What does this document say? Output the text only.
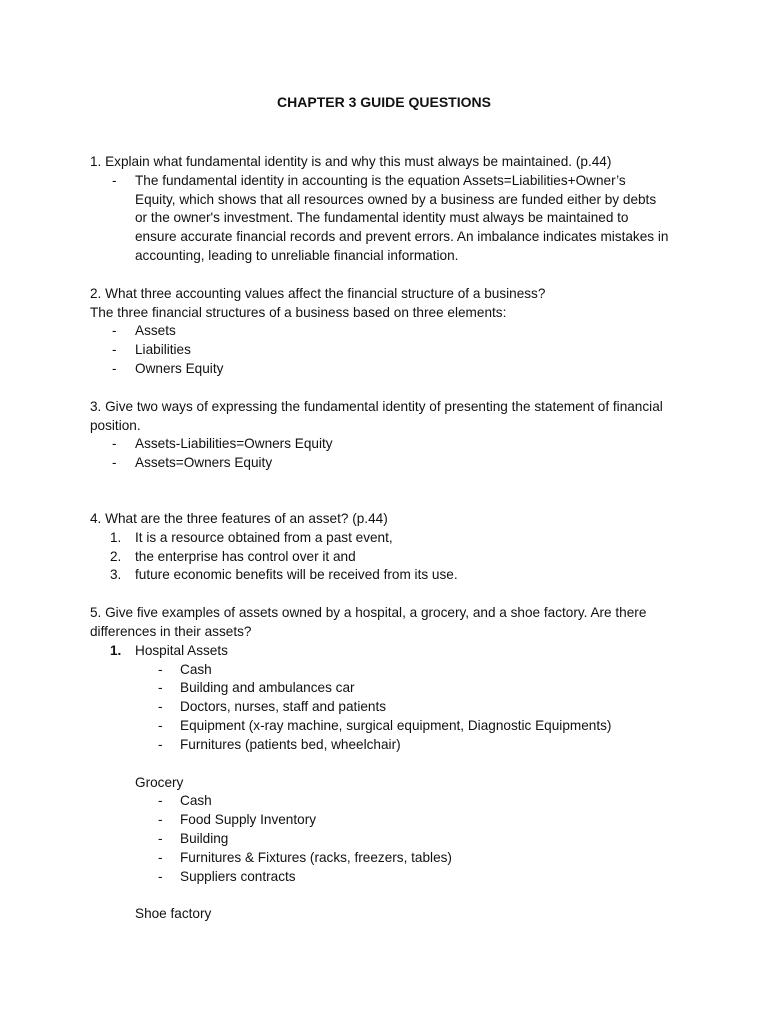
CHAPTER 3 GUIDE QUESTIONS
1. Explain what fundamental identity is and why this must always be maintained. (p.44)
- The fundamental identity in accounting is the equation Assets=Liabilities+Owner’s
Equity, which shows that all resources owned by a business are funded either by debts
or the owner's investment. The fundamental identity must always be maintained to
ensure accurate financial records and prevent errors. An imbalance indicates mistakes in
accounting, leading to unreliable financial information.
2. What three accounting values affect the financial structure of a business?
The three financial structures of a business based on three elements:
- Assets
- Liabilities
- Owners Equity
3. Give two ways of expressing the fundamental identity of presenting the statement of financial
position.
- Assets-Liabilities=Owners Equity
- Assets=Owners Equity
4. What are the three features of an asset? (p.44)
1. It is a resource obtained from a past event,
2. the enterprise has control over it and
3. future economic benefits will be received from its use.
5. Give five examples of assets owned by a hospital, a grocery, and a shoe factory. Are there
differences in their assets?
1. Hospital Assets
- Cash
- Building and ambulances car
- Doctors, nurses, staff and patients
- Equipment (x-ray machine, surgical equipment, Diagnostic Equipments)
- Furnitures (patients bed, wheelchair)
Grocery
- Cash
- Food Supply Inventory
- Building
- Furnitures & Fixtures (racks, freezers, tables)
- Suppliers contracts
Shoe factory
